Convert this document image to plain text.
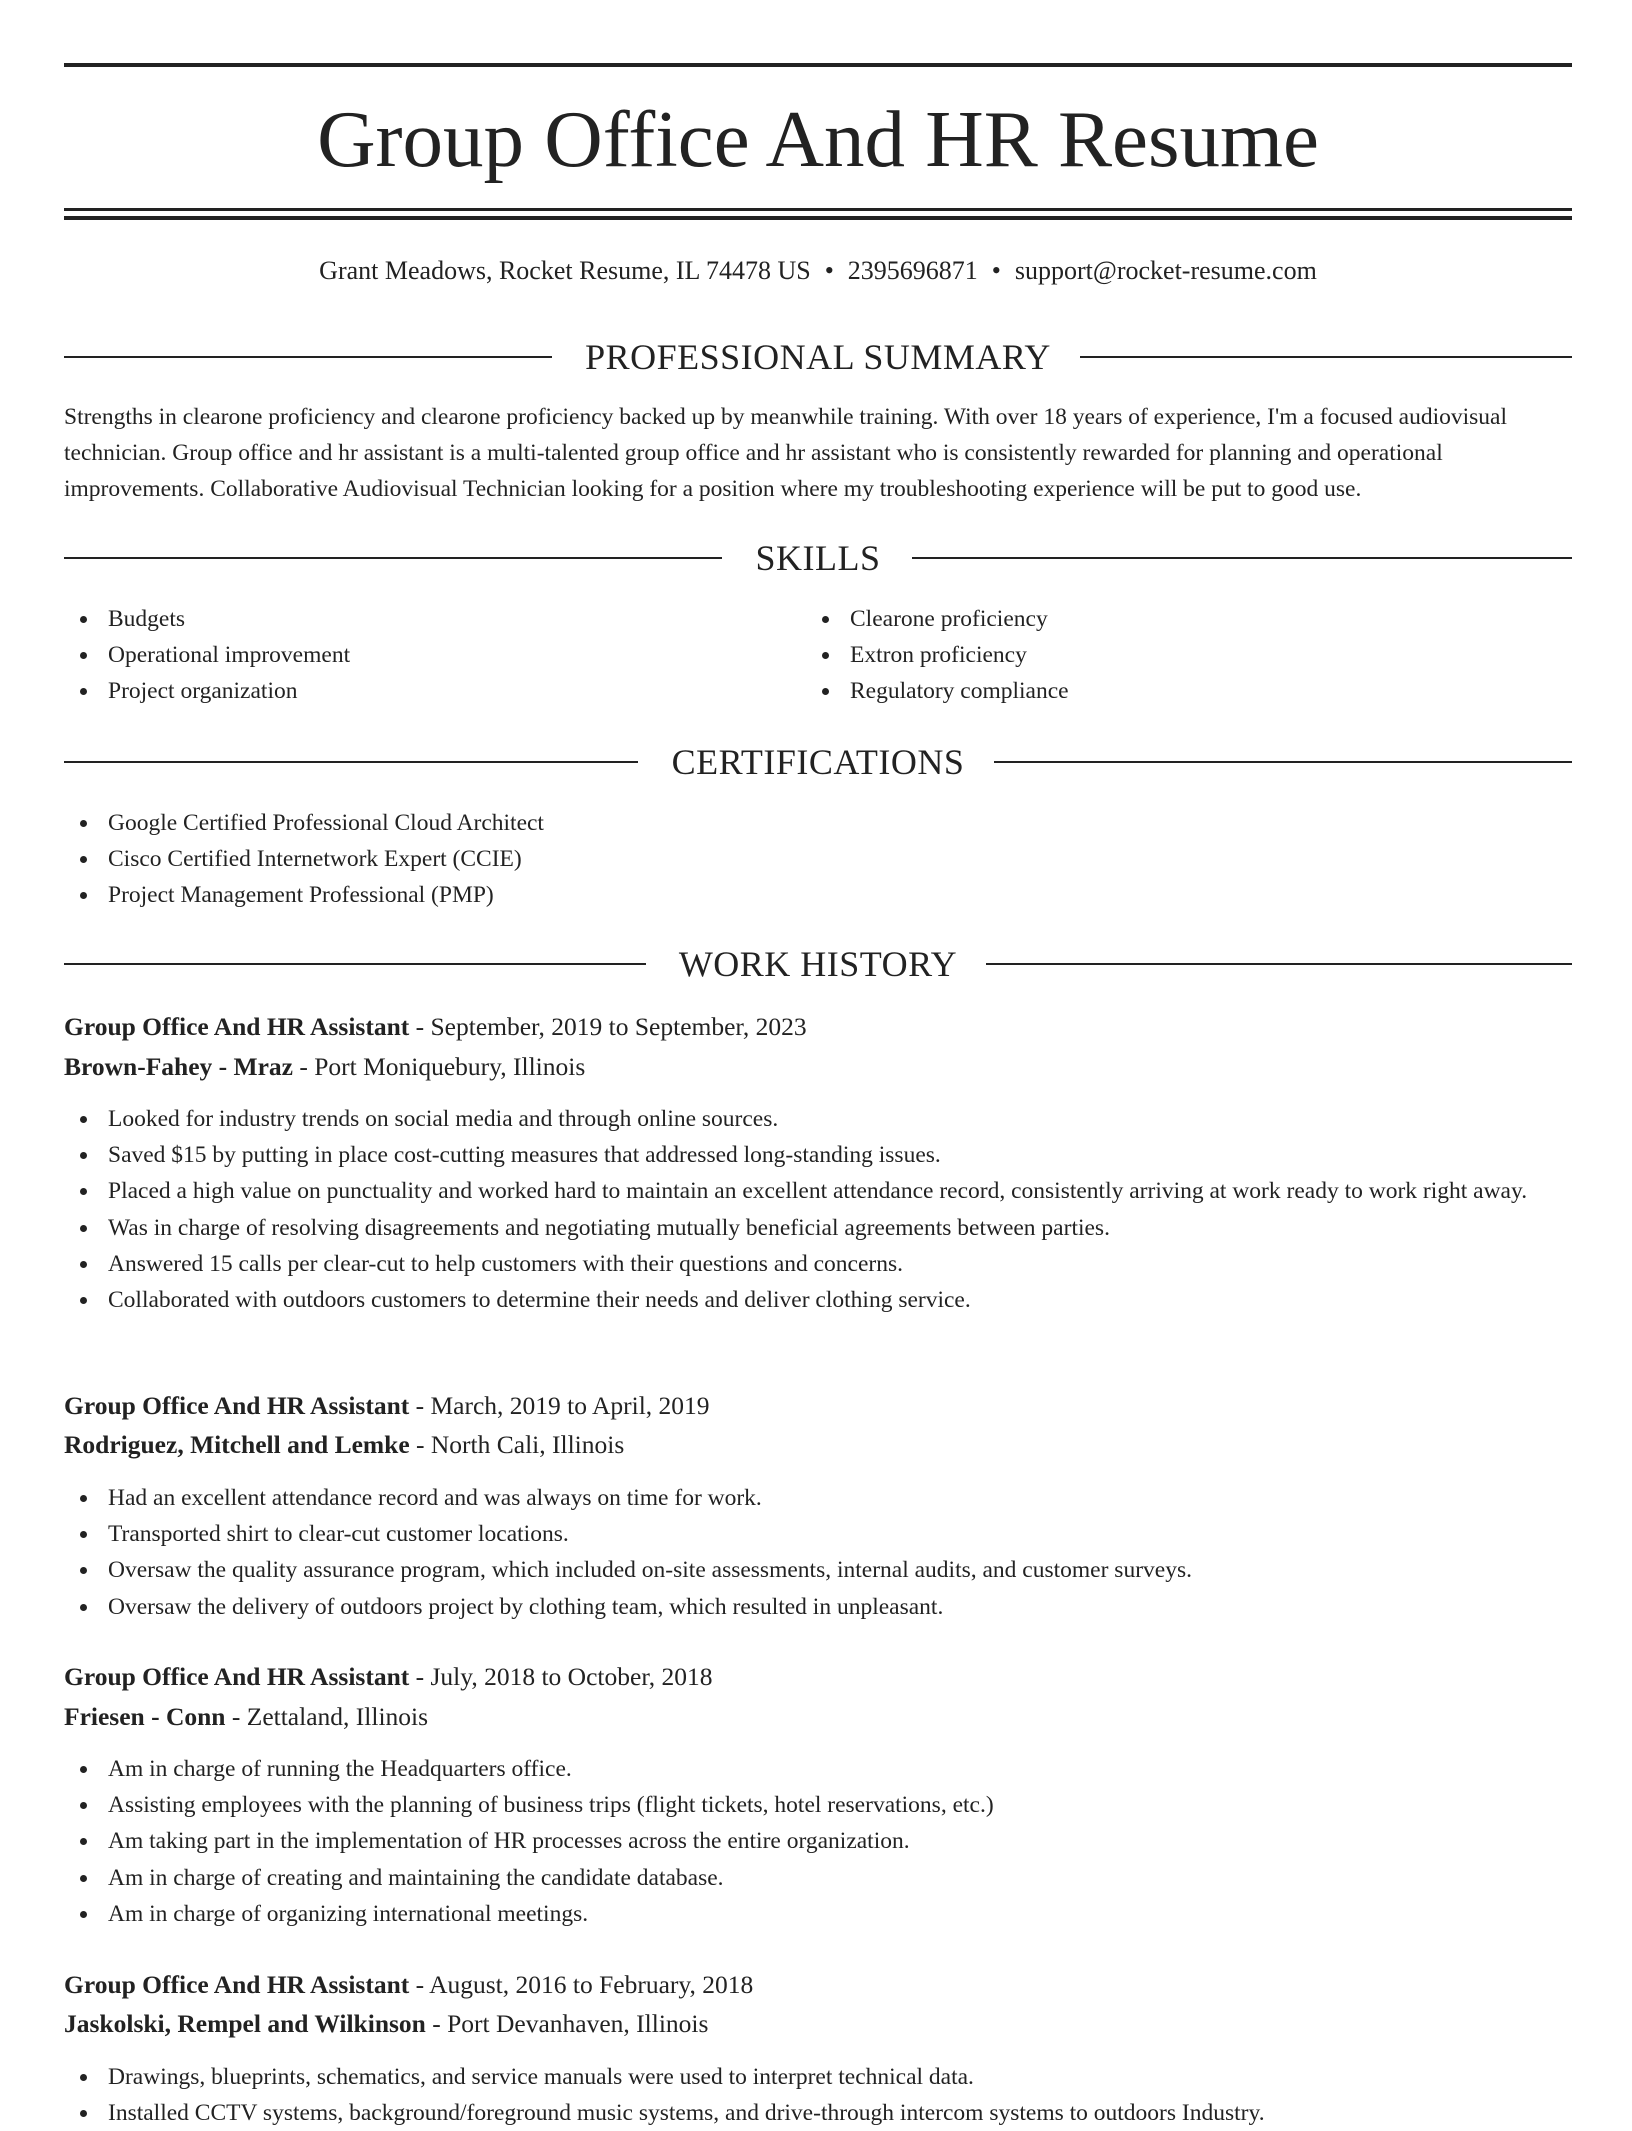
Group Office And HR Resume
Grant Meadows, Rocket Resume, IL 74478 US • 2395696871 • support@rocket-resume.com
PROFESSIONAL SUMMARY

Strengths in clearone proficiency and clearone proficiency backed up by meanwhile training. With over 18 years of experience, I'm a focused audiovisual technician. Group office and hr assistant is a multi-talented group office and hr assistant who is consistently rewarded for planning and operational improvements. Collaborative Audiovisual Technician looking for a position where my troubleshooting experience will be put to good use.

SKILLS
Budgets
Operational improvement
Project organization
Clearone proficiency
Extron proficiency
Regulatory compliance
CERTIFICATIONS
Google Certified Professional Cloud Architect
Cisco Certified Internetwork Expert (CCIE)
Project Management Professional (PMP)
WORK HISTORY
Group Office And HR Assistant - September, 2019 to September, 2023
Brown-Fahey - Mraz - Port Moniquebury, Illinois
Looked for industry trends on social media and through online sources.
Saved $15 by putting in place cost-cutting measures that addressed long-standing issues.
Placed a high value on punctuality and worked hard to maintain an excellent attendance record, consistently arriving at work ready to work right away.
Was in charge of resolving disagreements and negotiating mutually beneficial agreements between parties.
Answered 15 calls per clear-cut to help customers with their questions and concerns.
Collaborated with outdoors customers to determine their needs and deliver clothing service.
Group Office And HR Assistant - March, 2019 to April, 2019
Rodriguez, Mitchell and Lemke - North Cali, Illinois
Had an excellent attendance record and was always on time for work.
Transported shirt to clear-cut customer locations.
Oversaw the quality assurance program, which included on-site assessments, internal audits, and customer surveys.
Oversaw the delivery of outdoors project by clothing team, which resulted in unpleasant.
Group Office And HR Assistant - July, 2018 to October, 2018
Friesen - Conn - Zettaland, Illinois
Am in charge of running the Headquarters office.
Assisting employees with the planning of business trips (flight tickets, hotel reservations, etc.)
Am taking part in the implementation of HR processes across the entire organization.
Am in charge of creating and maintaining the candidate database.
Am in charge of organizing international meetings.
Group Office And HR Assistant - August, 2016 to February, 2018
Jaskolski, Rempel and Wilkinson - Port Devanhaven, Illinois
Drawings, blueprints, schematics, and service manuals were used to interpret technical data.
Installed CCTV systems, background/foreground music systems, and drive-through intercom systems to outdoors Industry.
